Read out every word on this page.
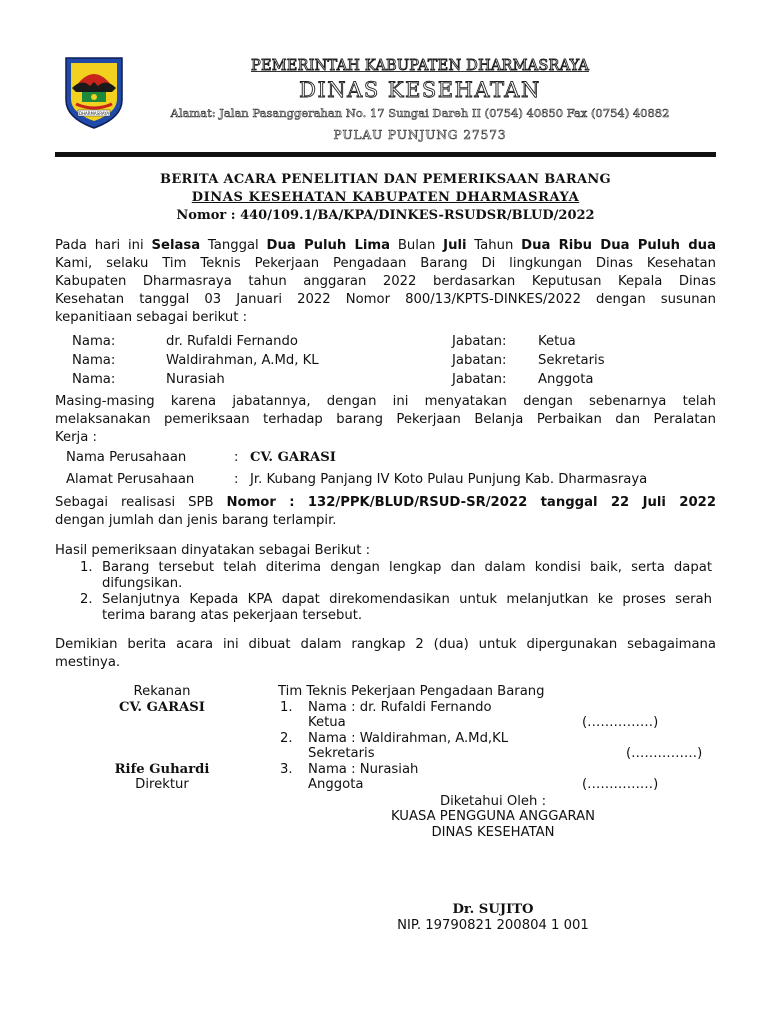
DHARMASRAYA
PEMERINTAH KABUPATEN DHARMASRAYA
DINAS KESEHATAN
Alamat: Jalan Pasanggerahan No. 17 Sungai Dareh II (0754) 40850 Fax (0754) 40882
PULAU PUNJUNG 27573
BERITA ACARA PENELITIAN DAN PEMERIKSAAN BARANG
DINAS KESEHATAN KABUPATEN DHARMASRAYA
Nomor : 440/109.1/BA/KPA/DINKES-RSUDSR/BLUD/2022
Pada hari ini Selasa Tanggal Dua Puluh Lima Bulan Juli Tahun Dua Ribu Dua Puluh dua
Kami, selaku Tim Teknis Pekerjaan Pengadaan Barang Di lingkungan Dinas Kesehatan
Kabupaten Dharmasraya tahun anggaran 2022 berdasarkan Keputusan Kepala Dinas
Kesehatan tanggal 03 Januari 2022 Nomor 800/13/KPTS-DINKES/2022 dengan susunan
kepanitiaan sebagai berikut :
Nama:	dr. Rufaldi Fernando	Jabatan: Ketua
Nama:	Waldirahman, A.Md, KL	Jabatan: Sekretaris
Nama:	Nurasiah	Jabatan: Anggota
Masing-masing karena jabatannya, dengan ini menyatakan dengan sebenarnya telah
melaksanakan pemeriksaan terhadap barang Pekerjaan Belanja Perbaikan dan Peralatan
Kerja :
Nama Perusahaan	: CV. GARASI
Alamat Perusahaan	: Jr. Kubang Panjang IV Koto Pulau Punjung Kab. Dharmasraya
Sebagai realisasi SPB Nomor : 132/PPK/BLUD/RSUD-SR/2022 tanggal 22 Juli 2022
dengan jumlah dan jenis barang terlampir.
Hasil pemeriksaan dinyatakan sebagai Berikut :
1. Barang tersebut telah diterima dengan lengkap dan dalam kondisi baik, serta dapat
difungsikan.
2. Selanjutnya Kepada KPA dapat direkomendasikan untuk melanjutkan ke proses serah
terima barang atas pekerjaan tersebut.
Demikian berita acara ini dibuat dalam rangkap 2 (dua) untuk dipergunakan sebagaimana
mestinya.
Rekanan
CV. GARASI
Rife Guhardi
Direktur
Tim Teknis Pekerjaan Pengadaan Barang
1. Nama : dr. Rufaldi Fernando
Ketua	(……………)
2. Nama : Waldirahman, A.Md,KL
Sekretaris	(……………)
3. Nama : Nurasiah
Anggota	(……………)
Diketahui Oleh :
KUASA PENGGUNA ANGGARAN
DINAS KESEHATAN
Dr. SUJITO
NIP. 19790821 200804 1 001
